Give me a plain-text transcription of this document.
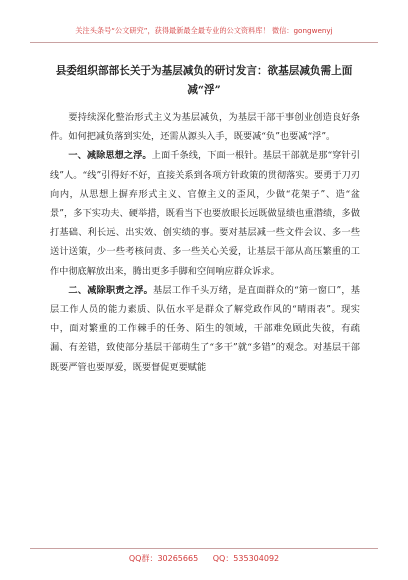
关注头条号“公文研究”，获得最新最全最专业的公文资料库！ 微信：gongwenyj
县委组织部部长关于为基层减负的研讨发言：欲基层减负需上面减“浮”

要持续深化整治形式主义为基层减负，为基层干部干事创业创造良好条件。如何把减负落到实处，还需从源头入手，既要减“负”也要减“浮”。

一、减除思想之浮。上面千条线，下面一根针。基层干部就是那“穿针引线”人。“线”引得好不好，直接关系到各项方针政策的贯彻落实。要勇于刀刃向内，从思想上摒弃形式主义、官僚主义的歪风，少做“花架子”、造“盆景”，多下实功夫、硬举措，既看当下也要放眼长远既做显绩也重潜绩，多做打基础、利长远、出实效、创实绩的事。要对基层减一些文件会议、多一些送计送策，少一些考核问责、多一些关心关爱，让基层干部从高压繁重的工作中彻底解放出来，腾出更多手脚和空间响应群众诉求。

二、减除职责之浮。基层工作千头万绪，是直面群众的“第一窗口”，基层工作人员的能力素质、队伍水平是群众了解党政作风的“晴雨表”。现实中，面对繁重的工作棘手的任务、陌生的领域，干部难免顾此失彼，有疏漏、有差错，致使部分基层干部萌生了“多干”就“多错”的观念。对基层干部既要严管也要厚爱，既要督促更要赋能

QQ群：30265665 QQ：535304092
